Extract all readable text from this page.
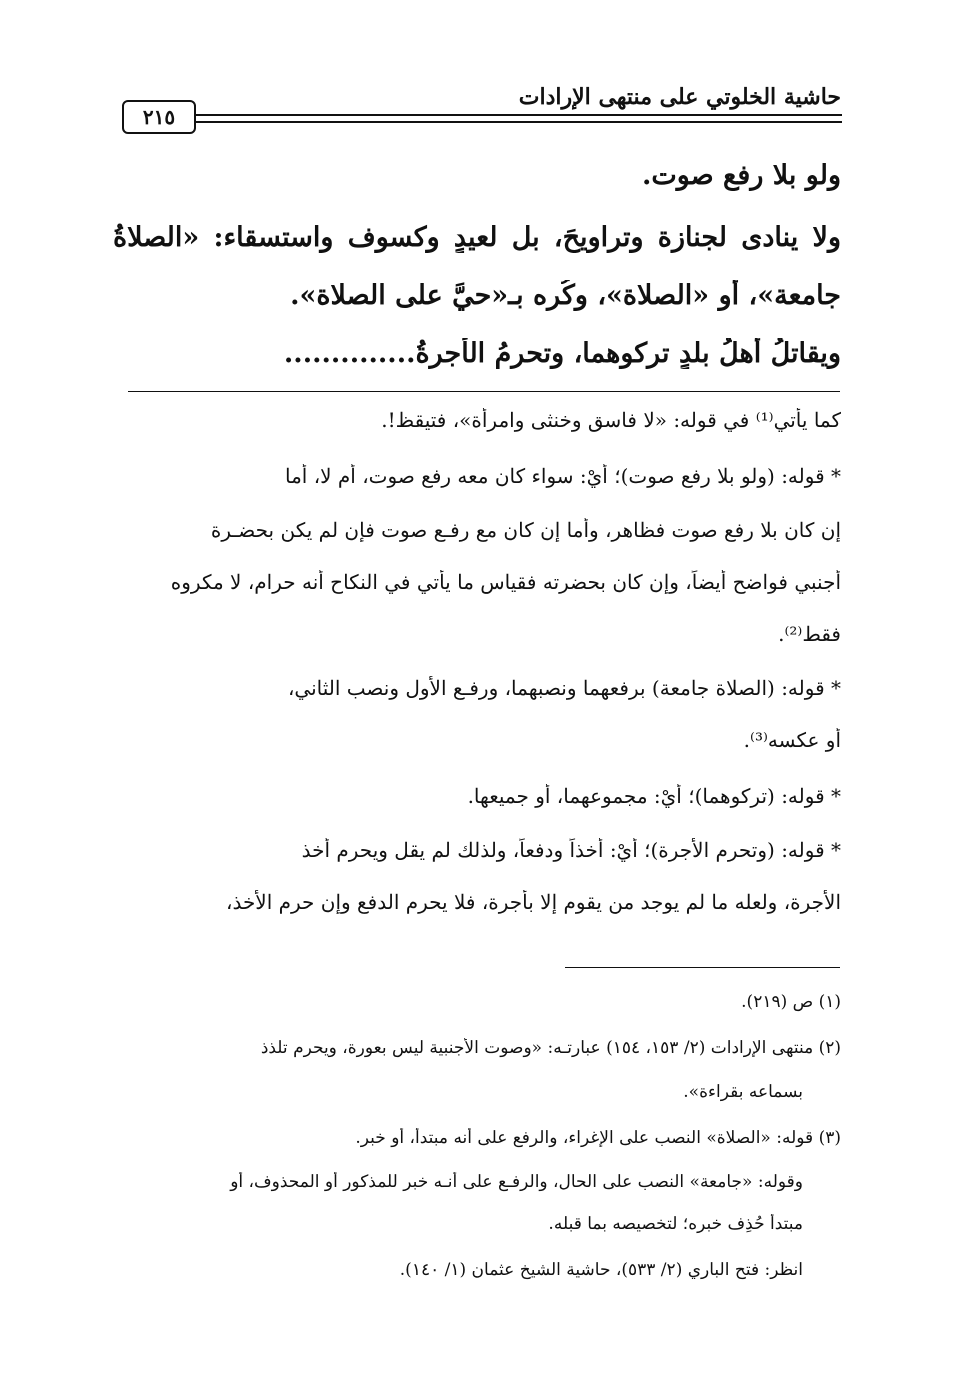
حاشية الخلوتي على منتهى الإرادات
٢١٥
ولو بلا رفع صوت.
ولا ينادى لجنازة وتراويحَ، بل لعيدٍ وكسوف واستسقاء: «الصلاةُ
جامعة»، أو «الصلاة»، وكُره بـ«حيَّ على الصلاة».
ويقاتلُ أهلُ بلدٍ تركوهما، وتحرمُ الأجرةُ..............
كما يأتي⁽¹⁾ في قوله: «لا فاسق وخنثى وامرأة»، فتيقظ!.
* قوله: (ولو بلا رفع صوت)؛ أيْ: سواء كان معه رفع صوت، أم لا، أما
إن كان بلا رفع صوت فظاهر، وأما إن كان مع رفـع صوت فإن لم يكن بحضـرة
أجنبي فواضح أيضاً، وإن كان بحضرته فقياس ما يأتي في النكاح أنه حرام، لا مكروه
فقط⁽²⁾.
* قوله: (الصلاة جامعة) برفعهما ونصبهما، ورفـع الأول ونصب الثاني،
أو عكسه⁽³⁾.
* قوله: (تركوهما)؛ أيْ: مجموعهما، أو جميعها.
* قوله: (وتحرم الأجرة)؛ أيْ: أخذاً ودفعاً، ولذلك لم يقل ويحرم أخذ
الأجرة، ولعله ما لم يوجد من يقوم إلا بأجرة، فلا يحرم الدفع وإن حرم الأخذ،
(١) ص (٢١٩).
(٢) منتهى الإرادات (٢/ ١٥٣، ١٥٤) عبارتـه: «وصوت الأجنبية ليس بعورة، ويحرم تلذذ
بسماعه بقراءة».
(٣) قوله: «الصلاة» النصب على الإغراء، والرفع على أنه مبتدأ، أو خبر.
وقوله: «جامعة» النصب على الحال، والرفـع على أنـه خبر للمذكور أو المحذوف، أو
مبتدأ حُذِف خبره؛ لتخصيصه بما قبله.
انظر: فتح الباري (٢/ ٥٣٣)، حاشية الشيخ عثمان (١/ ١٤٠).
